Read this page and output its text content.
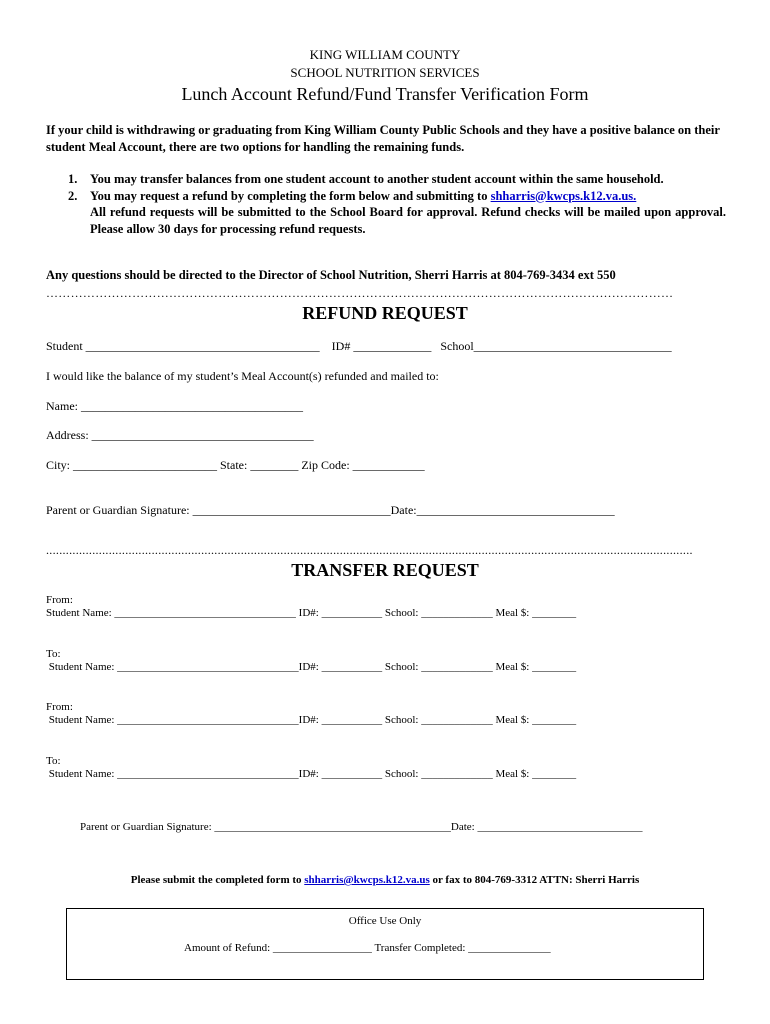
KING WILLIAM COUNTY
SCHOOL NUTRITION SERVICES
Lunch Account Refund/Fund Transfer Verification Form
If your child is withdrawing or graduating from King William County Public Schools and they have a positive balance on their student Meal Account, there are two options for handling the remaining funds.
1. You may transfer balances from one student account to another student account within the same household.
2. You may request a refund by completing the form below and submitting to shharris@kwcps.k12.va.us.
All refund requests will be submitted to the School Board for approval. Refund checks will be mailed upon approval. Please allow 30 days for processing refund requests.
Any questions should be directed to the Director of School Nutrition, Sherri Harris at 804-769-3434 ext 550
………………………………………………………………………………………………………………………………………
REFUND REQUEST
Student _______________________________________    ID# _____________   School_________________________________
I would like the balance of my student’s Meal Account(s) refunded and mailed to:
Name: _____________________________________
Address: _____________________________________
City: ________________________ State: ________ Zip Code: ____________
Parent or Guardian Signature: _________________________________Date:_________________________________
....................................................................................................................................................................................................
TRANSFER REQUEST
From:
Student Name: _________________________________ ID#: ___________ School: _____________ Meal $: ________
To:
Student Name: _________________________________ID#: ___________ School: _____________ Meal $: ________
From:
Student Name: _________________________________ID#: ___________ School: _____________ Meal $: ________
To:
Student Name: _________________________________ID#: ___________ School: _____________ Meal $: ________
Parent or Guardian Signature: ___________________________________________Date: ______________________________
Please submit the completed form to shharris@kwcps.k12.va.us or fax to 804-769-3312 ATTN: Sherri Harris
Office Use Only
Amount of Refund: __________________ Transfer Completed: _______________
